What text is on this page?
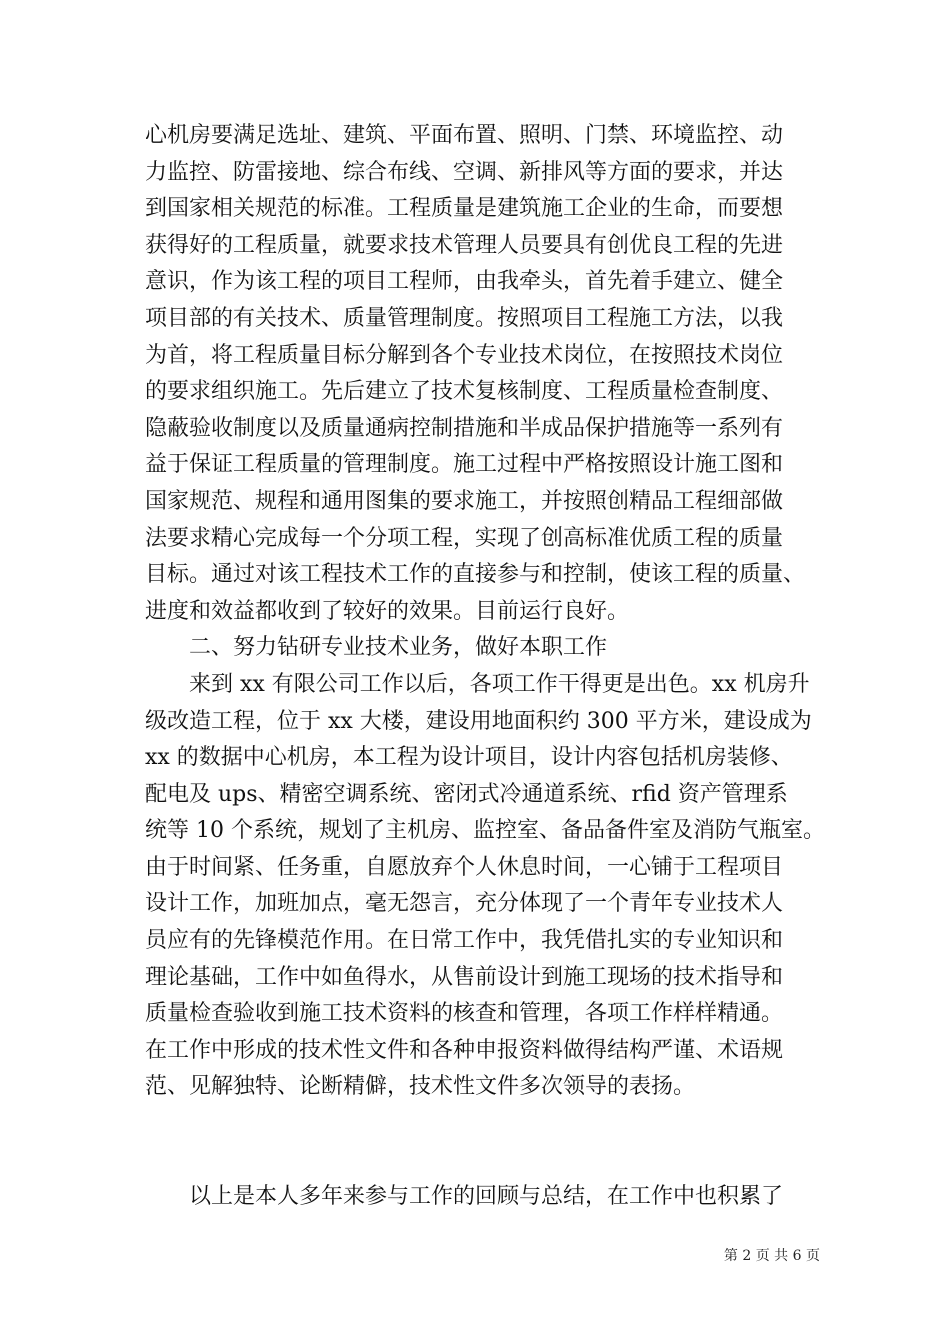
心机房要满足选址、建筑、平面布置、照明、门禁、环境监控、动

力监控、防雷接地、综合布线、空调、新排风等方面的要求，并达

到国家相关规范的标准。工程质量是建筑施工企业的生命，而要想

获得好的工程质量，就要求技术管理人员要具有创优良工程的先进

意识，作为该工程的项目工程师，由我牵头，首先着手建立、健全

项目部的有关技术、质量管理制度。按照项目工程施工方法，以我

为首，将工程质量目标分解到各个专业技术岗位，在按照技术岗位

的要求组织施工。先后建立了技术复核制度、工程质量检查制度、

隐蔽验收制度以及质量通病控制措施和半成品保护措施等一系列有

益于保证工程质量的管理制度。施工过程中严格按照设计施工图和

国家规范、规程和通用图集的要求施工，并按照创精品工程细部做

法要求精心完成每一个分项工程，实现了创高标准优质工程的质量

目标。通过对该工程技术工作的直接参与和控制，使该工程的质量、

进度和效益都收到了较好的效果。目前运行良好。

二、努力钻研专业技术业务，做好本职工作

来到 xx 有限公司工作以后，各项工作干得更是出色。xx 机房升

级改造工程，位于 xx 大楼，建设用地面积约 300 平方米，建设成为

xx 的数据中心机房，本工程为设计项目，设计内容包括机房装修、

配电及 ups、精密空调系统、密闭式冷通道系统、rfid 资产管理系

统等 10 个系统，规划了主机房、监控室、备品备件室及消防气瓶室。

由于时间紧、任务重，自愿放弃个人休息时间，一心铺于工程项目

设计工作，加班加点，毫无怨言，充分体现了一个青年专业技术人

员应有的先锋模范作用。在日常工作中，我凭借扎实的专业知识和

理论基础，工作中如鱼得水，从售前设计到施工现场的技术指导和

质量检查验收到施工技术资料的核查和管理，各项工作样样精通。

在工作中形成的技术性文件和各种申报资料做得结构严谨、术语规

范、见解独特、论断精僻，技术性文件多次领导的表扬。

以上是本人多年来参与工作的回顾与总结，在工作中也积累了

第 2 页 共 6 页
